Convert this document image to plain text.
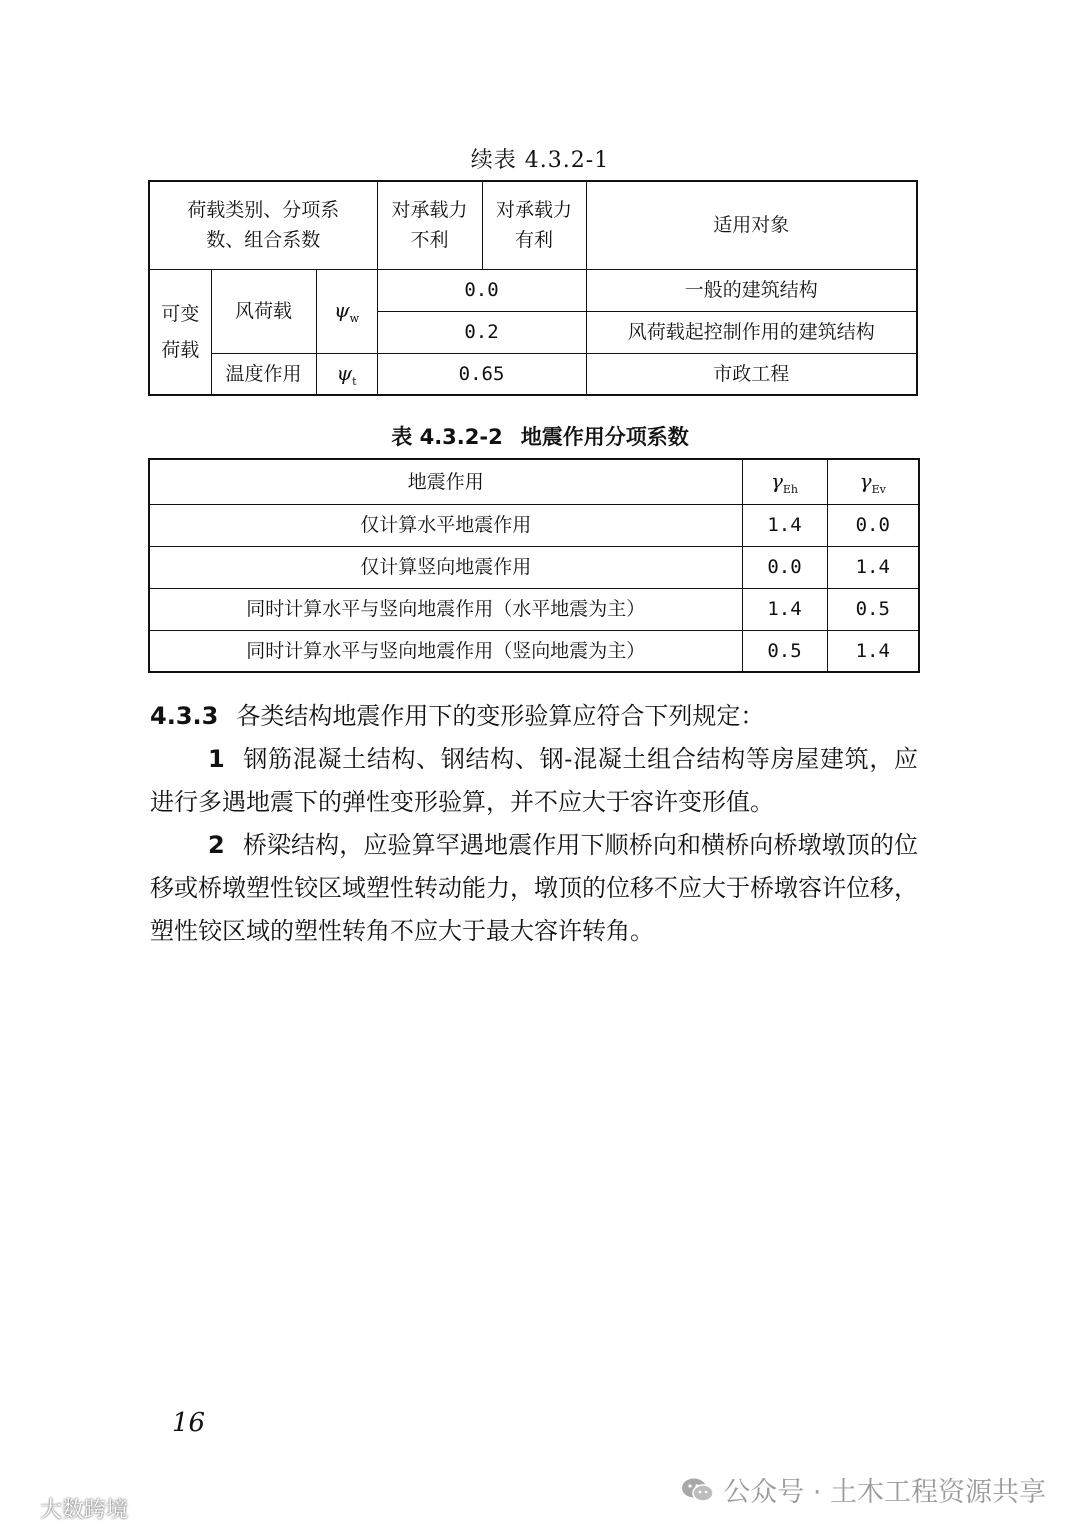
续表 4.3.2-1
荷载类别、分项系数、组合系数			对承载力不利	对承载力有利	适用对象
可变荷载	风荷载	$\psi_w$	0.0		一般的建筑结构
			0.2		风荷载起控制作用的建筑结构
	温度作用	$\psi_t$	0.65		市政工程
表 4.3.2-2 地震作用分项系数
地震作用	$\gamma_{Eh}$	$\gamma_{Ev}$
仅计算水平地震作用	1.4	0.0
仅计算竖向地震作用	0.0	1.4
同时计算水平与竖向地震作用（水平地震为主）	1.4	0.5
同时计算水平与竖向地震作用（竖向地震为主）	0.5	1.4

4.3.3 各类结构地震作用下的变形验算应符合下列规定：

1 钢筋混凝土结构、钢结构、钢-混凝土组合结构等房屋建筑，应进行多遇地震下的弹性变形验算，并不应大于容许变形值。

2 桥梁结构，应验算罕遇地震作用下顺桥向和横桥向桥墩墩顶的位移或桥墩塑性铰区域塑性转动能力，墩顶的位移不应大于桥墩容许位移，塑性铰区域的塑性转角不应大于最大容许转角。

16
公众号 · 土木工程资源共享
大数跨境
